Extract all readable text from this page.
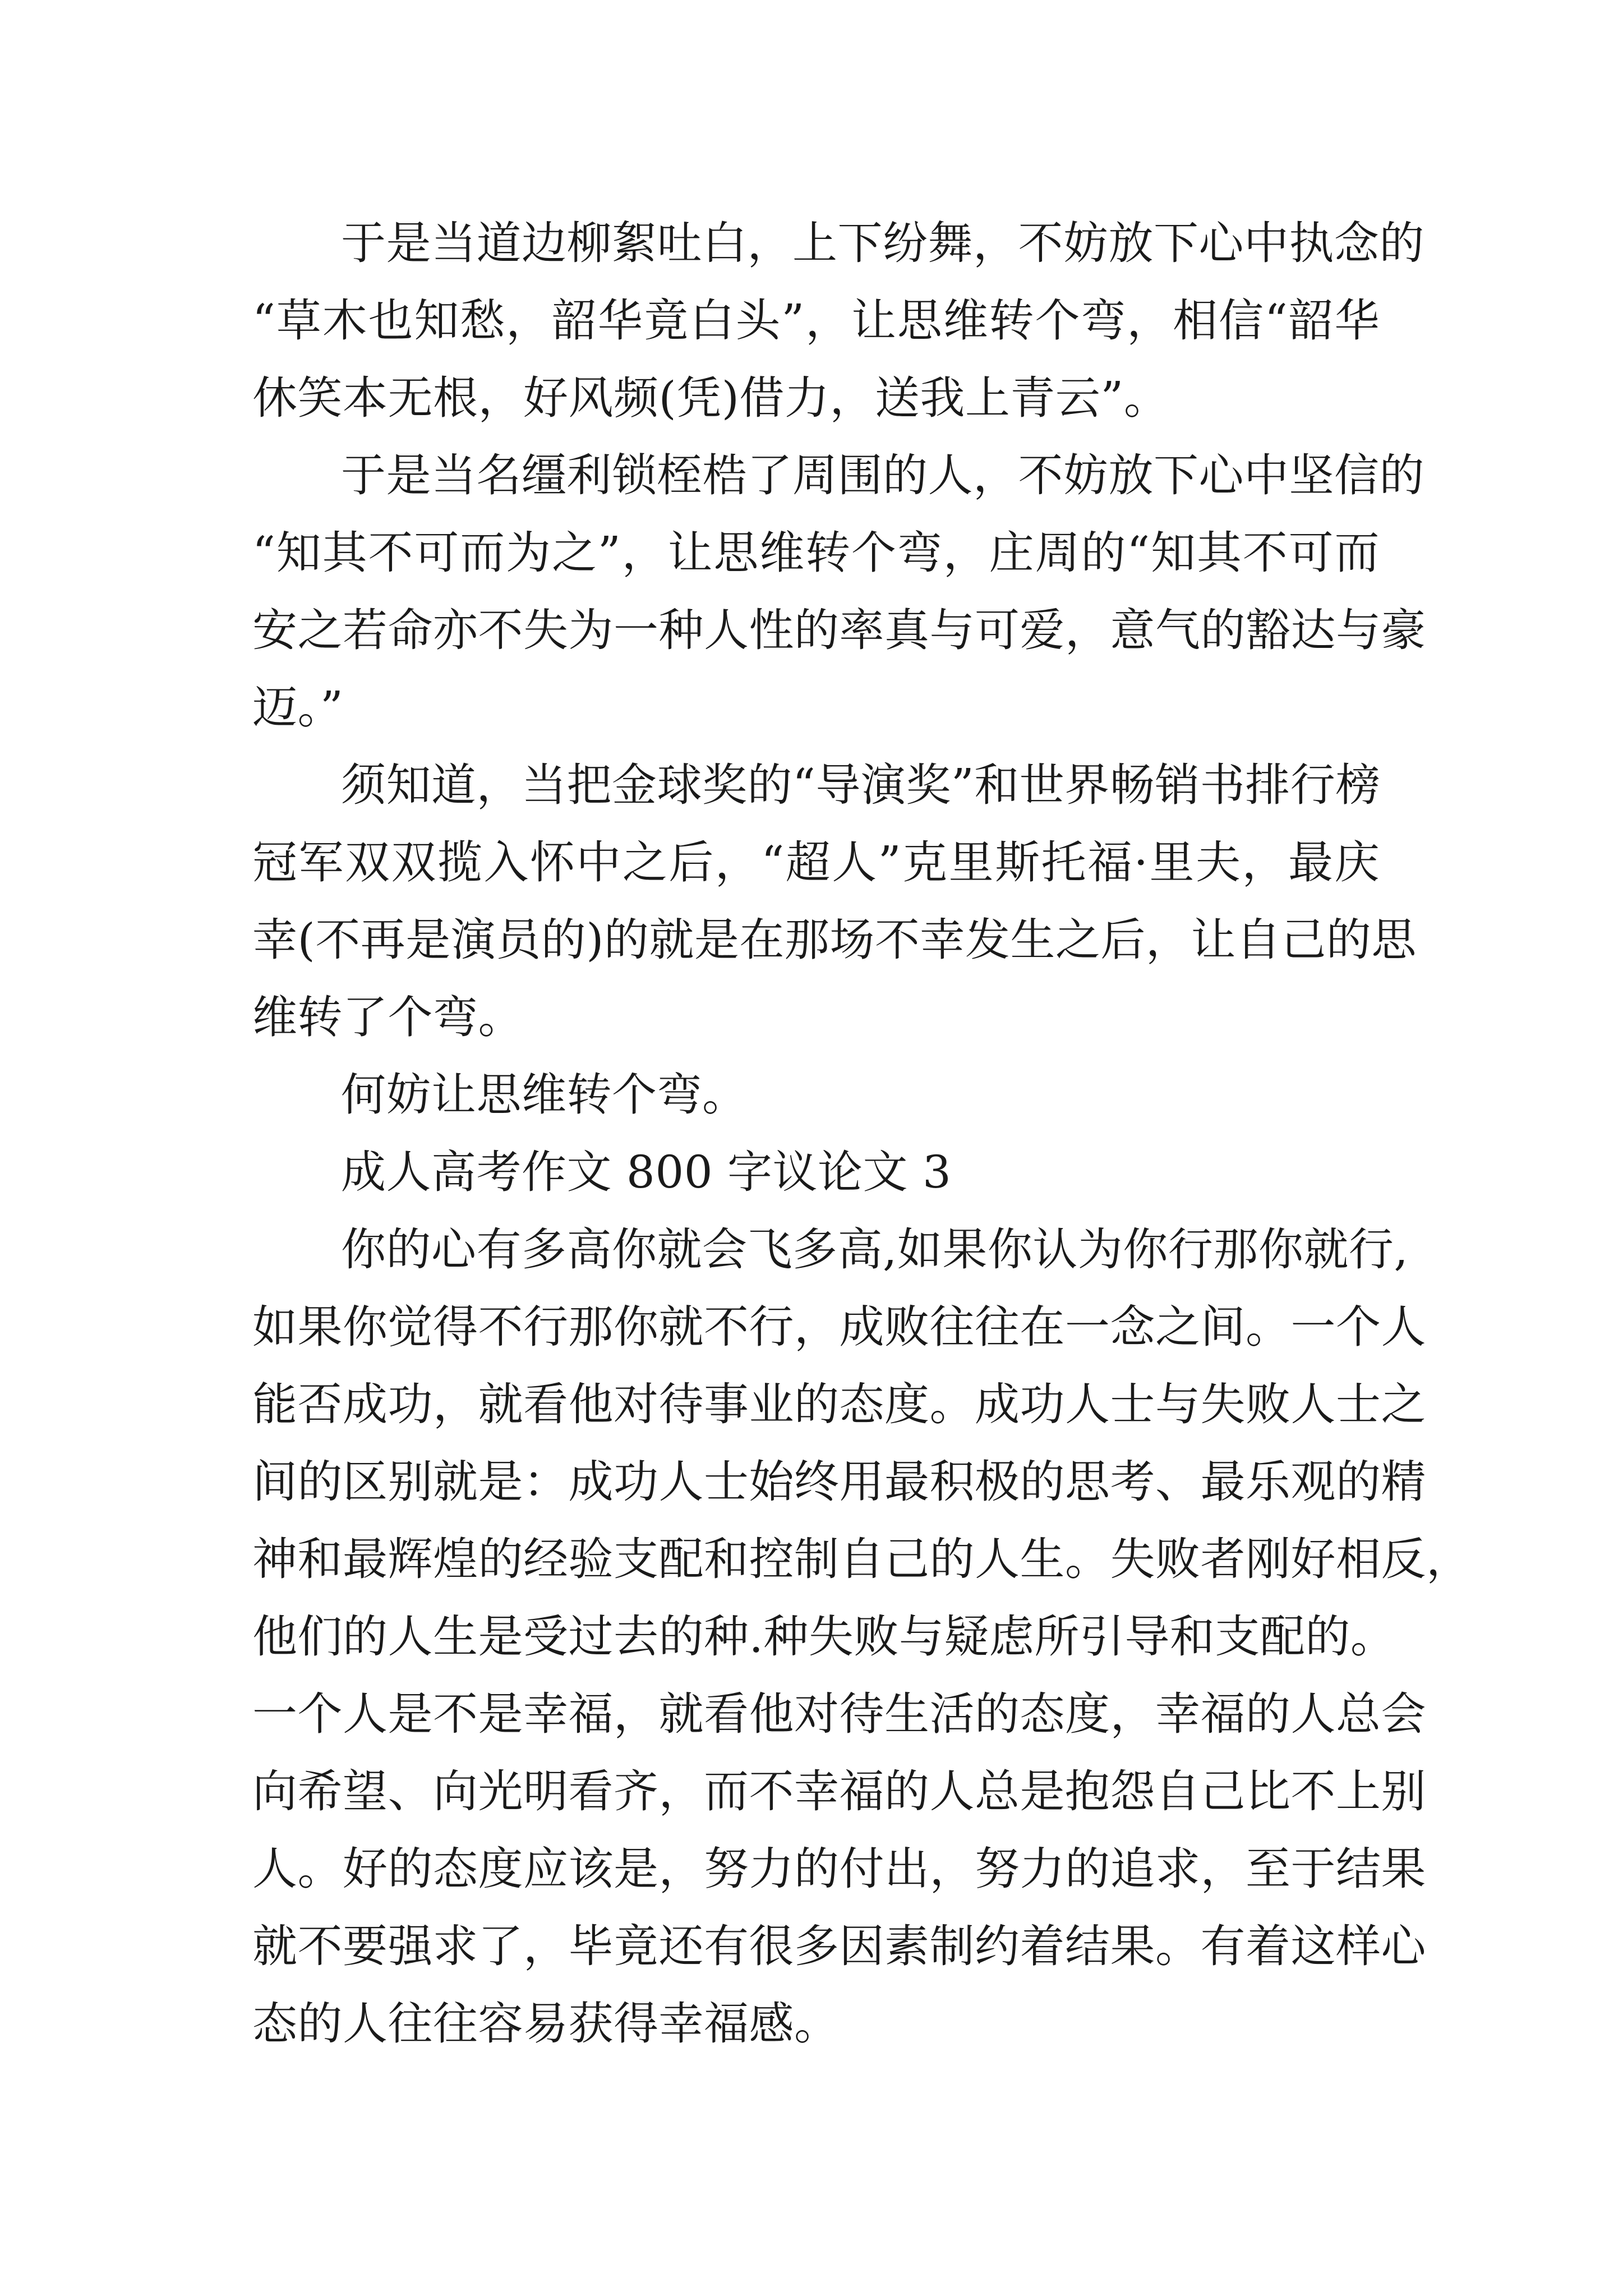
于是当道边柳絮吐白，上下纷舞，不妨放下心中执念的
“草木也知愁，韶华竟白头”，让思维转个弯，相信“韶华
休笑本无根，好风频(凭)借力，送我上青云”。
于是当名缰利锁桎梏了周围的人，不妨放下心中坚信的
“知其不可而为之”，让思维转个弯，庄周的“知其不可而
安之若命亦不失为一种人性的率真与可爱，意气的豁达与豪
迈。”
须知道，当把金球奖的“导演奖”和世界畅销书排行榜
冠军双双揽入怀中之后，“超人”克里斯托福·里夫，最庆
幸(不再是演员的)的就是在那场不幸发生之后，让自己的思
维转了个弯。
何妨让思维转个弯。
成人高考作文 800 字议论文 3
你的心有多高你就会飞多高,如果你认为你行那你就行,
如果你觉得不行那你就不行，成败往往在一念之间。一个人
能否成功，就看他对待事业的态度。成功人士与失败人士之
间的区别就是：成功人士始终用最积极的思考、最乐观的精
神和最辉煌的经验支配和控制自己的人生。失败者刚好相反，
他们的人生是受过去的种.种失败与疑虑所引导和支配的。
一个人是不是幸福，就看他对待生活的态度，幸福的人总会
向希望、向光明看齐，而不幸福的人总是抱怨自己比不上别
人。好的态度应该是，努力的付出，努力的追求，至于结果
就不要强求了，毕竟还有很多因素制约着结果。有着这样心
态的人往往容易获得幸福感。
